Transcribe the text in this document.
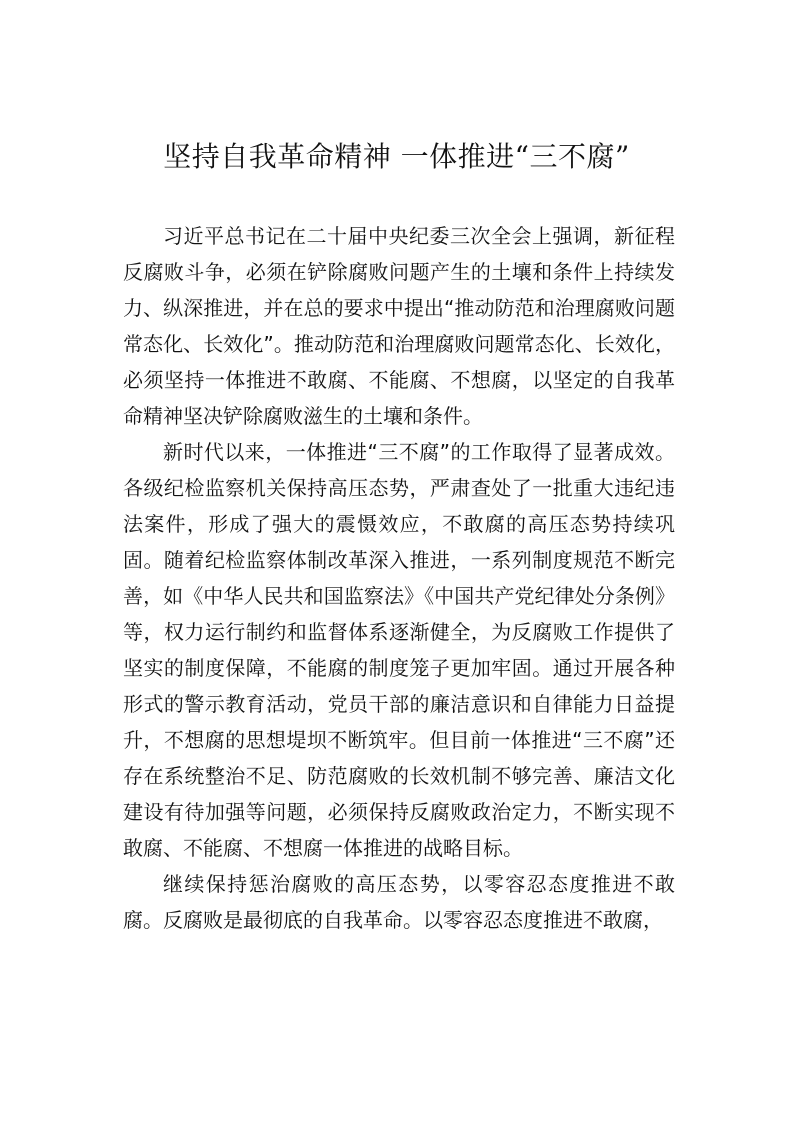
坚持自我革命精神 一体推进“三不腐”

习近平总书记在二十届中央纪委三次全会上强调，新征程反腐败斗争，必须在铲除腐败问题产生的土壤和条件上持续发力、纵深推进，并在总的要求中提出“推动防范和治理腐败问题常态化、长效化”。推动防范和治理腐败问题常态化、长效化，必须坚持一体推进不敢腐、不能腐、不想腐，以坚定的自我革命精神坚决铲除腐败滋生的土壤和条件。

新时代以来，一体推进“三不腐”的工作取得了显著成效。各级纪检监察机关保持高压态势，严肃查处了一批重大违纪违法案件，形成了强大的震慑效应，不敢腐的高压态势持续巩固。随着纪检监察体制改革深入推进，一系列制度规范不断完善，如《中华人民共和国监察法》《中国共产党纪律处分条例》等，权力运行制约和监督体系逐渐健全，为反腐败工作提供了坚实的制度保障，不能腐的制度笼子更加牢固。通过开展各种形式的警示教育活动，党员干部的廉洁意识和自律能力日益提升，不想腐的思想堤坝不断筑牢。但目前一体推进“三不腐”还存在系统整治不足、防范腐败的长效机制不够完善、廉洁文化建设有待加强等问题，必须保持反腐败政治定力，不断实现不敢腐、不能腐、不想腐一体推进的战略目标。

继续保持惩治腐败的高压态势，以零容忍态度推进不敢腐。反腐败是最彻底的自我革命。以零容忍态度推进不敢腐，
